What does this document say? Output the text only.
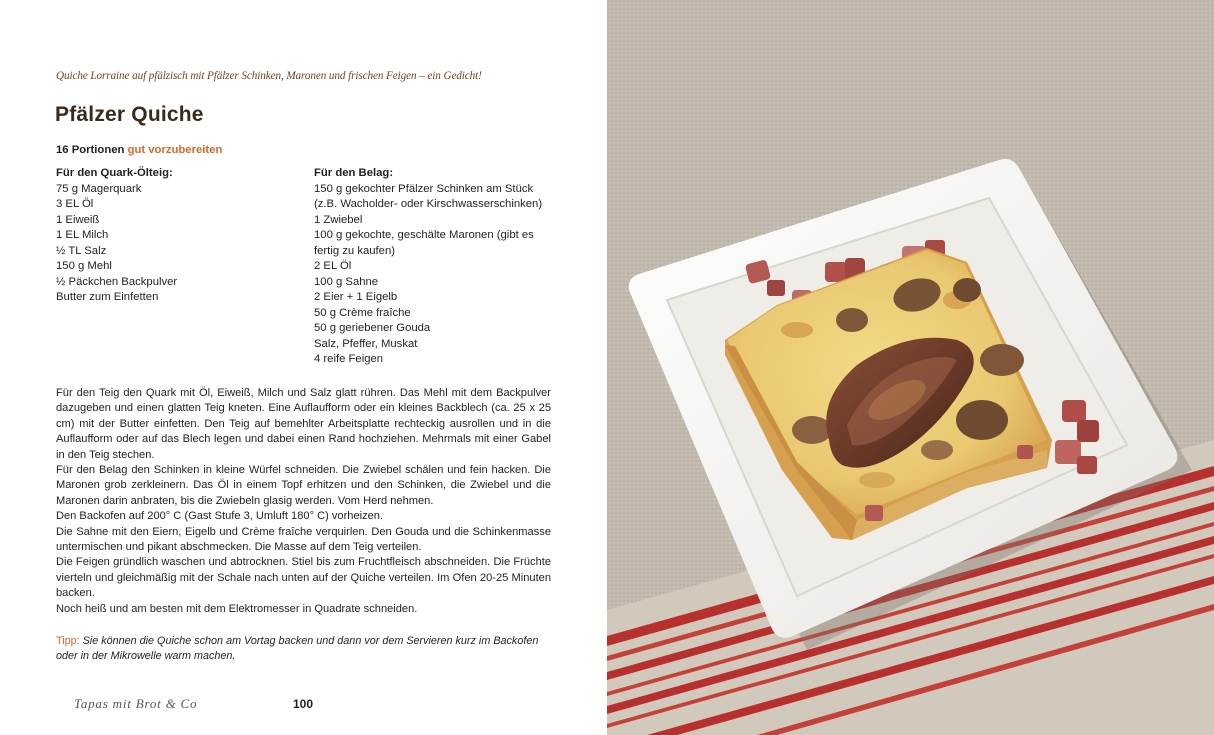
Quiche Lorraine auf pfälzisch mit Pfälzer Schinken, Maronen und frischen Feigen – ein Gedicht!
Pfälzer Quiche
16 Portionen gut vorzubereiten
Für den Quark-Ölteig:
75 g Magerquark
3 EL Öl
1 Eiweiß
1 EL Milch
½ TL Salz
150 g Mehl
½ Päckchen Backpulver
Butter zum Einfetten
Für den Belag:
150 g gekochter Pfälzer Schinken am Stück (z.B. Wacholder- oder Kirschwasserschinken)
1 Zwiebel
100 g gekochte, geschälte Maronen (gibt es fertig zu kaufen)
2 EL Öl
100 g Sahne
2 Eier + 1 Eigelb
50 g Crème fraîche
50 g geriebener Gouda
Salz, Pfeffer, Muskat
4 reife Feigen

Für den Teig den Quark mit Öl, Eiweiß, Milch und Salz glatt rühren. Das Mehl mit dem Backpulver dazugeben und einen glatten Teig kneten. Eine Auflaufform oder ein kleines Backblech (ca. 25 x 25 cm) mit der Butter einfetten. Den Teig auf bemehlter Arbeitsplatte rechteckig ausrollen und in die Auflaufform oder auf das Blech legen und dabei einen Rand hochziehen. Mehrmals mit einer Gabel in den Teig stechen.

Für den Belag den Schinken in kleine Würfel schneiden. Die Zwiebel schälen und fein hacken. Die Maronen grob zerkleinern. Das Öl in einem Topf erhitzen und den Schinken, die Zwiebel und die Maronen darin anbraten, bis die Zwiebeln glasig werden. Vom Herd nehmen.

Den Backofen auf 200° C (Gast Stufe 3, Umluft 180° C) vorheizen.

Die Sahne mit den Eiern, Eigelb und Crème fraîche verquirlen. Den Gouda und die Schinkenmasse untermischen und pikant abschmecken. Die Masse auf dem Teig verteilen.

Die Feigen gründlich waschen und abtrocknen. Stiel bis zum Fruchtfleisch abschneiden. Die Früchte vierteln und gleichmäßig mit der Schale nach unten auf der Quiche verteilen. Im Ofen 20-25 Minuten backen.

Noch heiß und am besten mit dem Elektromesser in Quadrate schneiden.

Tipp: Sie können die Quiche schon am Vortag backen und dann vor dem Servieren kurz im Backofen oder in der Mikrowelle warm machen.
Tapas mit Brot & Co	100
